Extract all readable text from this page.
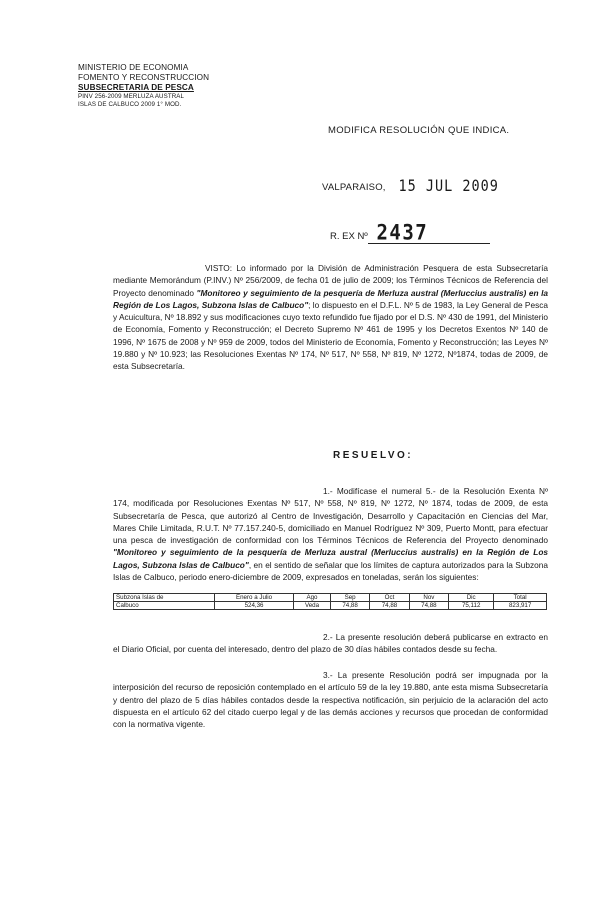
MINISTERIO DE ECONOMIA
FOMENTO Y RECONSTRUCCION
SUBSECRETARIA DE PESCA
PINV 256-2009 MERLUZA AUSTRAL
ISLAS DE CALBUCO 2009 1° MOD.
MODIFICA RESOLUCIÓN QUE INDICA.
VALPARAISO, 15 JUL 2009
R. EX Nº 2437
VISTO: Lo informado por la División de Administración Pesquera de esta Subsecretaría mediante Memorándum (P.INV.) Nº 256/2009, de fecha 01 de julio de 2009; los Términos Técnicos de Referencia del Proyecto denominado "Monitoreo y seguimiento de la pesquería de Merluza austral (Merluccius australis) en la Región de Los Lagos, Subzona Islas de Calbuco"; lo dispuesto en el D.F.L. Nº 5 de 1983, la Ley General de Pesca y Acuicultura, Nº 18.892 y sus modificaciones cuyo texto refundido fue fijado por el D.S. Nº 430 de 1991, del Ministerio de Economía, Fomento y Reconstrucción; el Decreto Supremo Nº 461 de 1995 y los Decretos Exentos Nº 140 de 1996, Nº 1675 de 2008 y Nº 959 de 2009, todos del Ministerio de Economía, Fomento y Reconstrucción; las Leyes Nº 19.880 y Nº 10.923; las Resoluciones Exentas Nº 174, Nº 517, Nº 558, Nº 819, Nº 1272, Nº1874, todas de 2009, de esta Subsecretaría.
RESUELVO:
1.- Modifícase el numeral 5.- de la Resolución Exenta Nº 174, modificada por Resoluciones Exentas Nº 517, Nº 558, Nº 819, Nº 1272, Nº 1874, todas de 2009, de esta Subsecretaría de Pesca, que autorizó al Centro de Investigación, Desarrollo y Capacitación en Ciencias del Mar, Mares Chile Limitada, R.U.T. Nº 77.157.240-5, domiciliado en Manuel Rodríguez Nº 309, Puerto Montt, para efectuar una pesca de investigación de conformidad con los Términos Técnicos de Referencia del Proyecto denominado "Monitoreo y seguimiento de la pesquería de Merluza austral (Merluccius australis) en la Región de Los Lagos, Subzona Islas de Calbuco", en el sentido de señalar que los límites de captura autorizados para la Subzona Islas de Calbuco, periodo enero-diciembre de 2009, expresados en toneladas, serán los siguientes:
Subzona Islas de	Enero a Julio	Ago	Sep	Oct	Nov	Dic	Total
Calbuco	524,36	Veda	74,88	74,88	74,88	75,112	823,917
2.- La presente resolución deberá publicarse en extracto en el Diario Oficial, por cuenta del interesado, dentro del plazo de 30 días hábiles contados desde su fecha.
3.- La presente Resolución podrá ser impugnada por la interposición del recurso de reposición contemplado en el artículo 59 de la ley 19.880, ante esta misma Subsecretaría y dentro del plazo de 5 días hábiles contados desde la respectiva notificación, sin perjuicio de la aclaración del acto dispuesta en el artículo 62 del citado cuerpo legal y de las demás acciones y recursos que procedan de conformidad con la normativa vigente.
